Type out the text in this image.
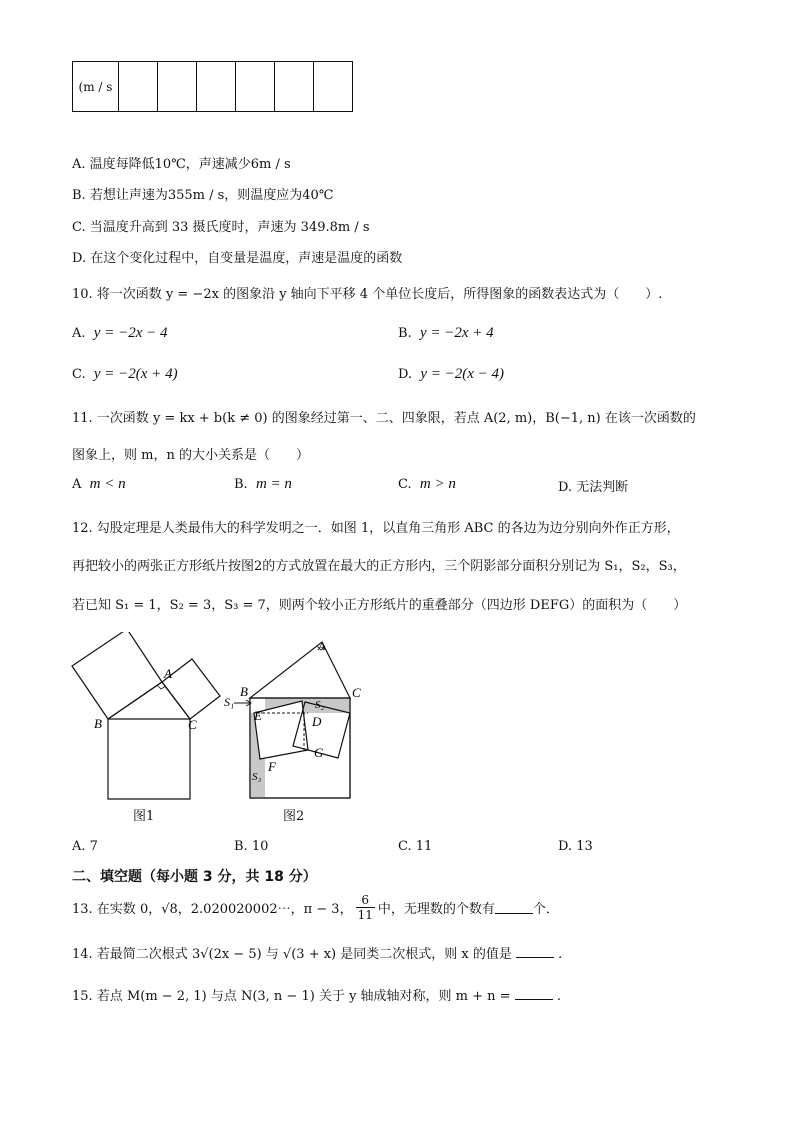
(m / s						
A. 温度每降低10℃，声速减少6m / s
B. 若想让声速为355m / s，则温度应为40℃
C. 当温度升高到 33 摄氏度时，声速为 349.8m / s
D. 在这个变化过程中，自变量是温度，声速是温度的函数
10. 将一次函数 y = −2x 的图象沿 y 轴向下平移 4 个单位长度后，所得图象的函数表达式为（　　）.
A. y = −2x − 4	B. y = −2x + 4
C. y = −2(x + 4)	D. y = −2(x − 4)
11. 一次函数 y = kx + b(k ≠ 0) 的图象经过第一、二、四象限，若点 A(2, m)，B(−1, n) 在该一次函数的
图象上，则 m，n 的大小关系是（　　）
A m < n	B. m = n	C. m > n	D. 无法判断
12. 勾股定理是人类最伟大的科学发明之一．如图 1，以直角三角形 ABC 的各边为边分别向外作正方形，
再把较小的两张正方形纸片按图2的方式放置在最大的正方形内，三个阴影部分面积分别记为 S₁，S₂，S₃，
若已知 S₁ = 1，S₂ = 3，S₃ = 7，则两个较小正方形纸片的重叠部分（四边形 DEFG）的面积为（　　）
A
B	C
图1
A
B	C
D
E
F
G
S₁	S₂
S₃
图2
A. 7	B. 10	C. 11	D. 13
二、填空题（每小题 3 分，共 18 分）
13. 在实数 0，√8，2.020020002⋯，π − 3， $\frac{6}{11}$ 中，无理数的个数有	个．
14. 若最简二次根式 3√(2x − 5) 与 √(3 + x) 是同类二次根式，则 x 的值是	.
15. 若点 M(m − 2, 1) 与点 N(3, n − 1) 关于 y 轴成轴对称，则 m + n =	.
